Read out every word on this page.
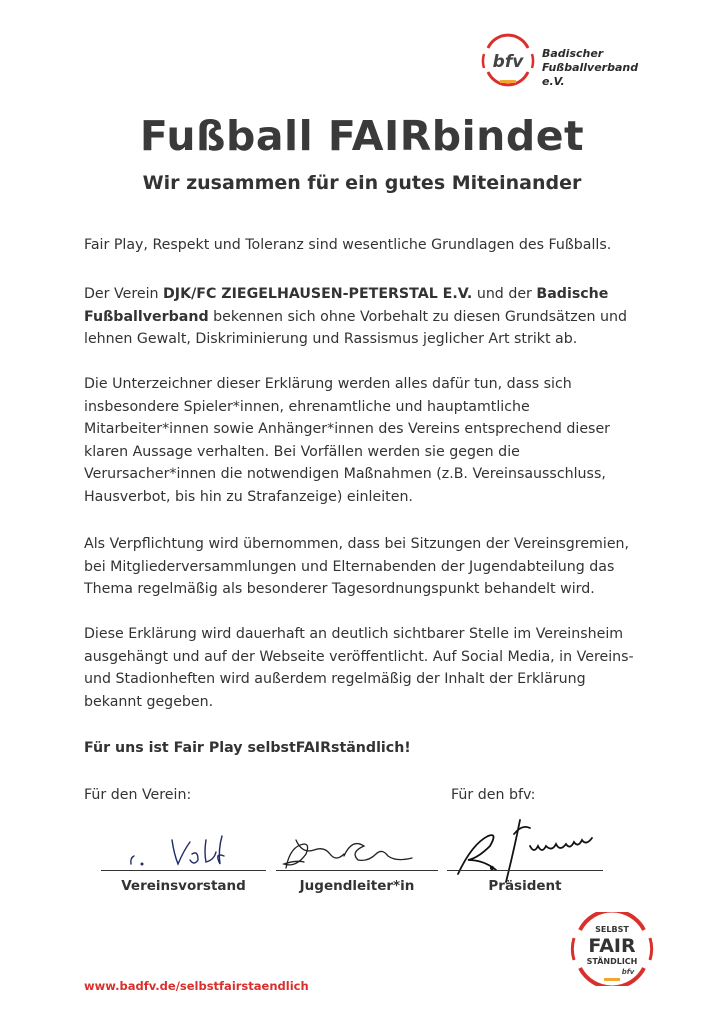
bfv Badischer
Fußballverband e.V.
Fußball FAIRbindet
Wir zusammen für ein gutes Miteinander
Fair Play, Respekt und Toleranz sind wesentliche Grundlagen des Fußballs.
Der Verein DJK/FC ZIEGELHAUSEN-PETERSTAL E.V. und der Badische Fußballverband bekennen sich ohne Vorbehalt zu diesen Grundsätzen und lehnen Gewalt, Diskriminierung und Rassismus jeglicher Art strikt ab.
Die Unterzeichner dieser Erklärung werden alles dafür tun, dass sich insbesondere Spieler*innen, ehrenamtliche und hauptamtliche Mitarbeiter*innen sowie Anhänger*innen des Vereins entsprechend dieser klaren Aussage verhalten. Bei Vorfällen werden sie gegen die Verursacher*innen die notwendigen Maßnahmen (z.B. Vereinsausschluss, Hausverbot, bis hin zu Strafanzeige) einleiten.
Als Verpflichtung wird übernommen, dass bei Sitzungen der Vereinsgremien, bei Mitgliederversammlungen und Elternabenden der Jugendabteilung das Thema regelmäßig als besonderer Tagesordnungspunkt behandelt wird.
Diese Erklärung wird dauerhaft an deutlich sichtbarer Stelle im Vereinsheim ausgehängt und auf der Webseite veröffentlicht. Auf Social Media, in Vereins- und Stadionheften wird außerdem regelmäßig der Inhalt der Erklärung bekannt gegeben.
Für uns ist Fair Play selbstFAIRständlich!
Für den Verein:	Für den bfv:
Vereinsvorstand	Jugendleiter*in	Präsident
SELBST
FAIR
STÄNDLICH
bfv
www.badfv.de/selbstfairstaendlich
